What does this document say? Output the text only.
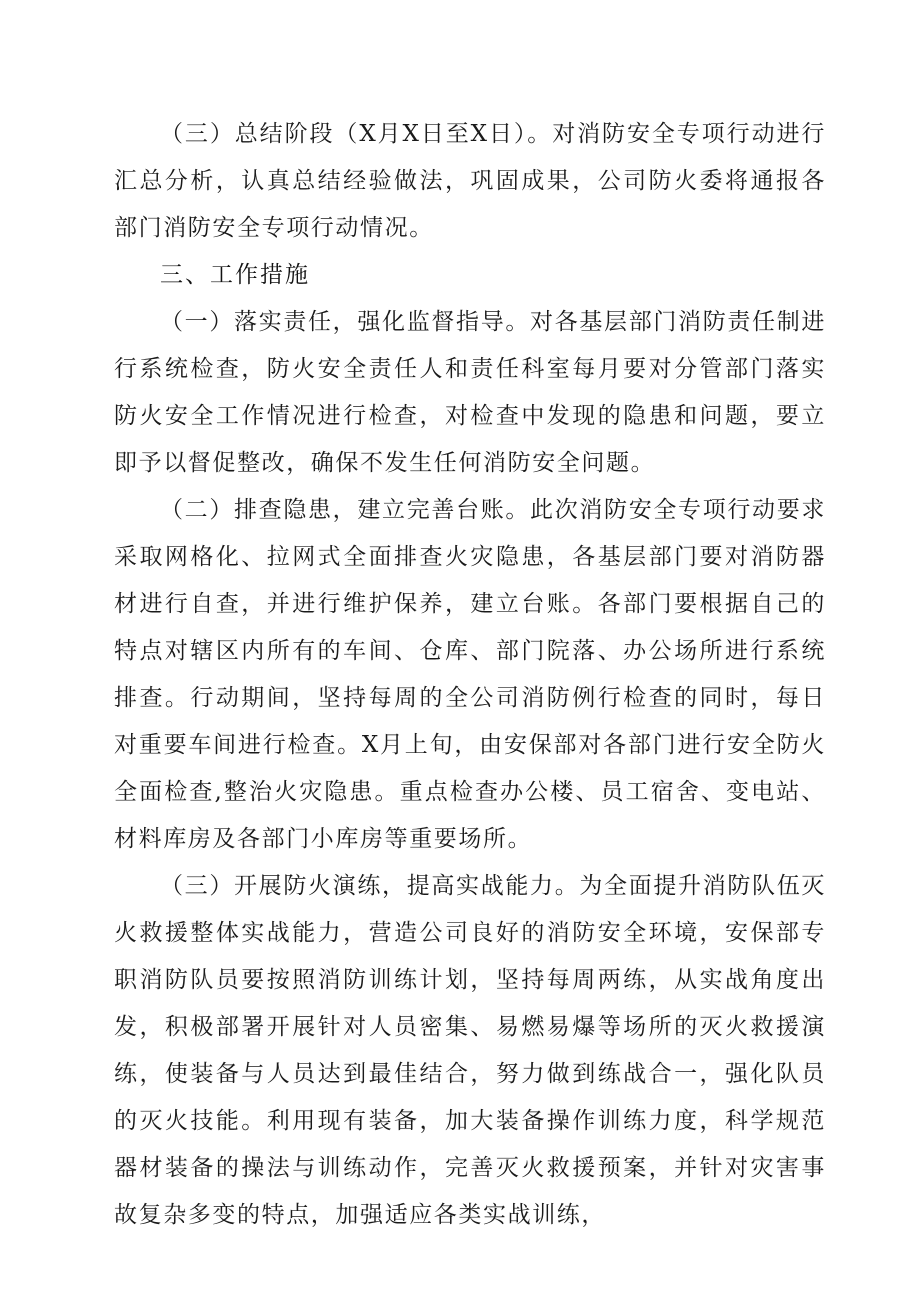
（三）总结阶段（X月X日至X日）。对消防安全专项行动进行汇总分析，认真总结经验做法，巩固成果，公司防火委将通报各部门消防安全专项行动情况。

三、工作措施

（一）落实责任，强化监督指导。对各基层部门消防责任制进行系统检查，防火安全责任人和责任科室每月要对分管部门落实防火安全工作情况进行检查，对检查中发现的隐患和问题，要立即予以督促整改，确保不发生任何消防安全问题。

（二）排查隐患，建立完善台账。此次消防安全专项行动要求采取网格化、拉网式全面排查火灾隐患，各基层部门要对消防器材进行自查，并进行维护保养，建立台账。各部门要根据自己的特点对辖区内所有的车间、仓库、部门院落、办公场所进行系统排查。行动期间，坚持每周的全公司消防例行检查的同时，每日对重要车间进行检查。X月上旬，由安保部对各部门进行安全防火全面检查,整治火灾隐患。重点检查办公楼、员工宿舍、变电站、材料库房及各部门小库房等重要场所。

（三）开展防火演练，提高实战能力。为全面提升消防队伍灭火救援整体实战能力，营造公司良好的消防安全环境，安保部专职消防队员要按照消防训练计划，坚持每周两练，从实战角度出发，积极部署开展针对人员密集、易燃易爆等场所的灭火救援演练，使装备与人员达到最佳结合，努力做到练战合一，强化队员的灭火技能。利用现有装备，加大装备操作训练力度，科学规范器材装备的操法与训练动作，完善灭火救援预案，并针对灾害事故复杂多变的特点，加强适应各类实战训练，
